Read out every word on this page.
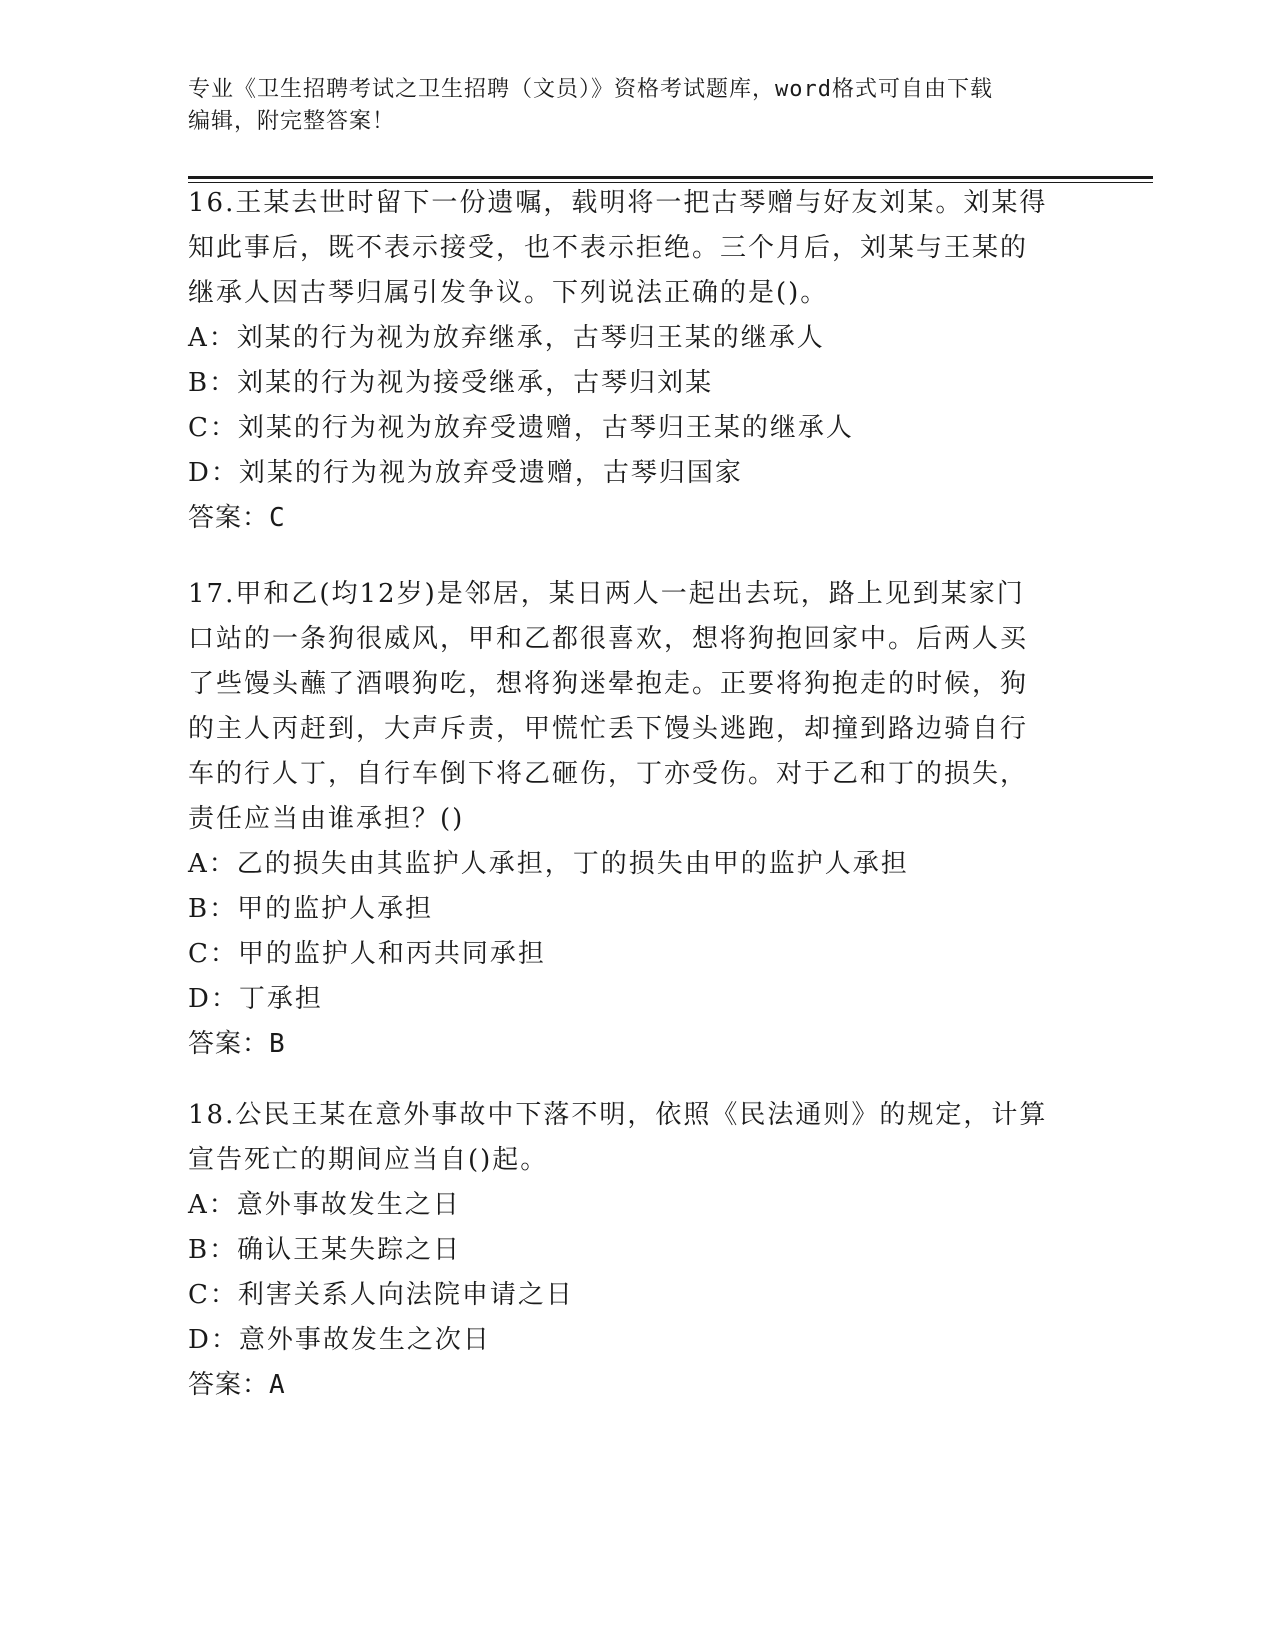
专业《卫生招聘考试之卫生招聘（文员）》资格考试题库，word格式可自由下载
编辑，附完整答案！
16.王某去世时留下一份遗嘱，载明将一把古琴赠与好友刘某。刘某得
知此事后，既不表示接受，也不表示拒绝。三个月后，刘某与王某的
继承人因古琴归属引发争议。下列说法正确的是()。
A：刘某的行为视为放弃继承，古琴归王某的继承人
B：刘某的行为视为接受继承，古琴归刘某
C：刘某的行为视为放弃受遗赠，古琴归王某的继承人
D：刘某的行为视为放弃受遗赠，古琴归国家
答案：C
17.甲和乙(均12岁)是邻居，某日两人一起出去玩，路上见到某家门
口站的一条狗很威风，甲和乙都很喜欢，想将狗抱回家中。后两人买
了些馒头蘸了酒喂狗吃，想将狗迷晕抱走。正要将狗抱走的时候，狗
的主人丙赶到，大声斥责，甲慌忙丢下馒头逃跑，却撞到路边骑自行
车的行人丁，自行车倒下将乙砸伤，丁亦受伤。对于乙和丁的损失，
责任应当由谁承担？()
A：乙的损失由其监护人承担，丁的损失由甲的监护人承担
B：甲的监护人承担
C：甲的监护人和丙共同承担
D：丁承担
答案：B
18.公民王某在意外事故中下落不明，依照《民法通则》的规定，计算
宣告死亡的期间应当自()起。
A：意外事故发生之日
B：确认王某失踪之日
C：利害关系人向法院申请之日
D：意外事故发生之次日
答案：A
